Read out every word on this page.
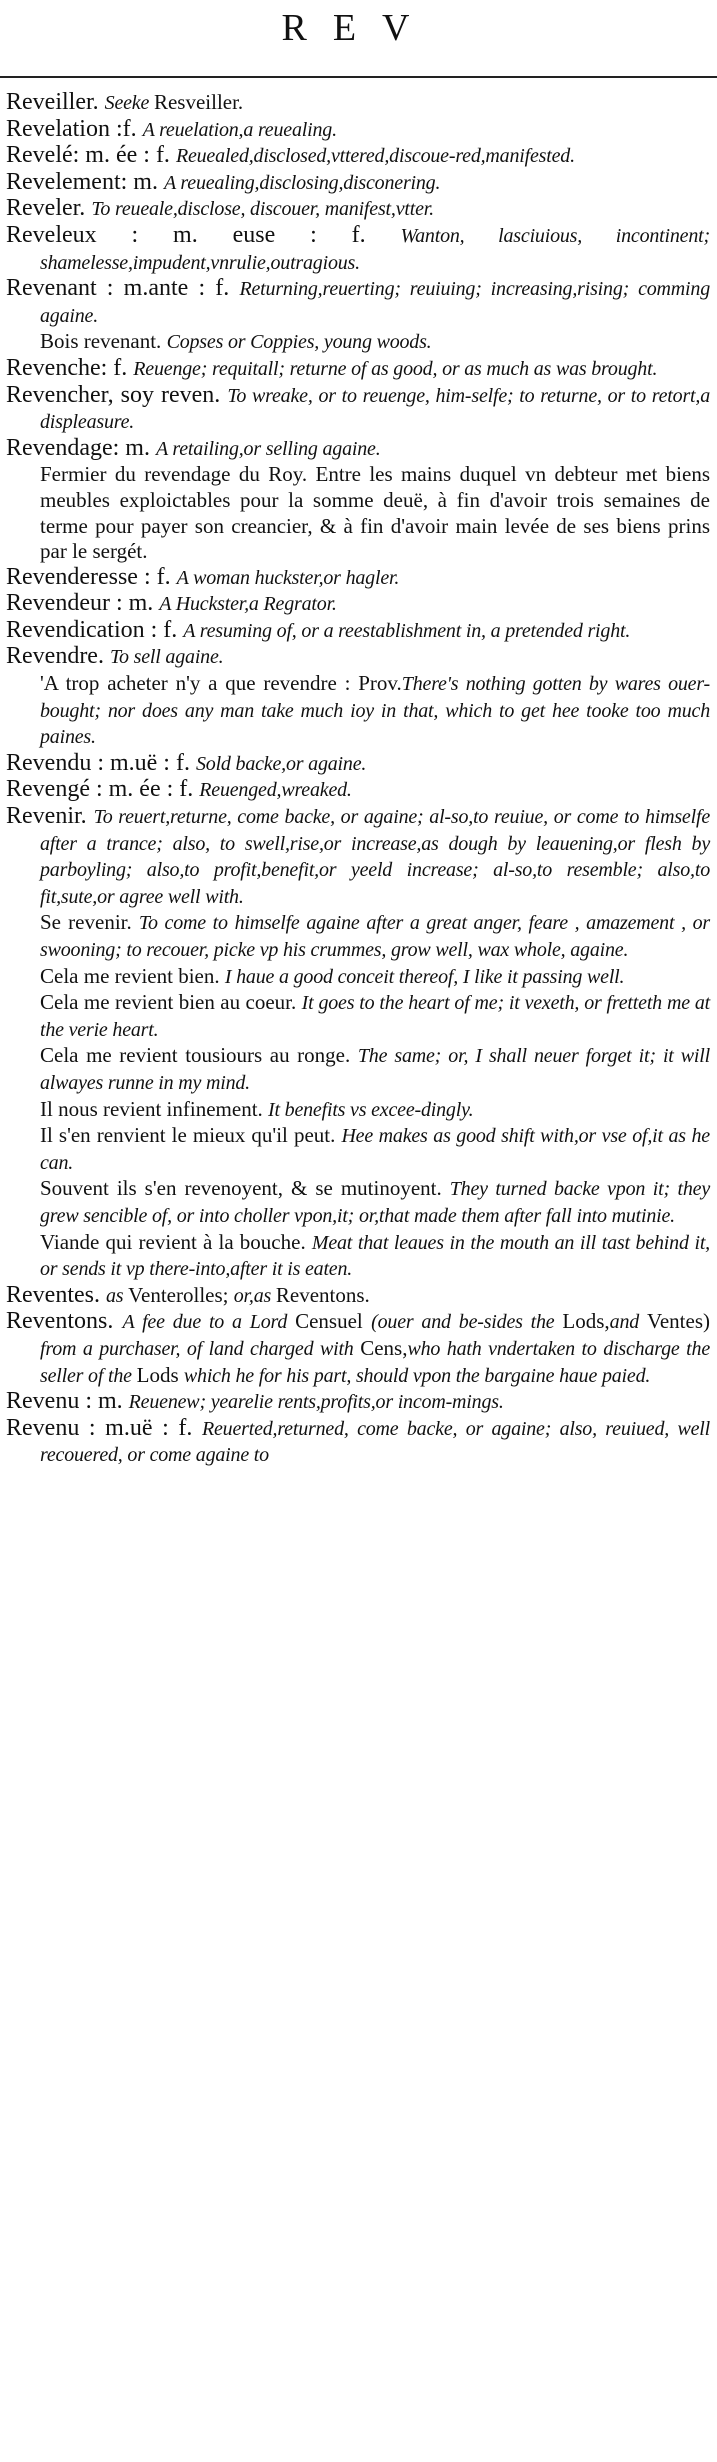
REV

Reveiller. Seeke Resveiller.

Revelation :f. A reuelation,a reuealing.

Revelé: m. ée : f. Reuealed,disclosed,vttered,discoue-red,manifested.

Revelement: m. A reuealing,disclosing,disconering.

Reveler. To reueale,disclose, discouer, manifest,vtter.

Reveleux : m. euse : f. Wanton, lasciuious, incontinent; shamelesse,impudent,vnrulie,outragious.

Revenant : m.ante : f. Returning,reuerting; reuiuing; increasing,rising; comming againe.

Bois revenant. Copses or Coppies, young woods.

Revenche: f. Reuenge; requitall; returne of as good, or as much as was brought.

Revencher, soy reven. To wreake, or to reuenge, him-selfe; to returne, or to retort,a displeasure.

Revendage: m. A retailing,or selling againe.

Fermier du revendage du Roy. Entre les mains duquel vn debteur met biens meubles exploictables pour la somme deuë, à fin d'avoir trois semaines de terme pour payer son creancier, & à fin d'avoir main levée de ses biens prins par le sergét.

Revenderesse : f. A woman huckster,or hagler.

Revendeur : m. A Huckster,a Regrator.

Revendication : f. A resuming of, or a reestablishment in, a pretended right.

Revendre. To sell againe.

'A trop acheter n'y a que revendre : Prov.There's nothing gotten by wares ouer-bought; nor does any man take much ioy in that, which to get hee tooke too much paines.

Revendu : m.uë : f. Sold backe,or againe.

Revengé : m. ée : f. Reuenged,wreaked.

Revenir. To reuert,returne, come backe, or againe; al-so,to reuiue, or come to himselfe after a trance; also, to swell,rise,or increase,as dough by leauening,or flesh by parboyling; also,to profit,benefit,or yeeld increase; al-so,to resemble; also,to fit,sute,or agree well with.

Se revenir. To come to himselfe againe after a great anger, feare , amazement , or swooning; to recouer, picke vp his crummes, grow well, wax whole, againe.

Cela me revient bien. I haue a good conceit thereof, I like it passing well.

Cela me revient bien au coeur. It goes to the heart of me; it vexeth, or fretteth me at the verie heart.

Cela me revient tousiours au ronge. The same; or, I shall neuer forget it; it will alwayes runne in my mind.

Il nous revient infinement. It benefits vs excee-dingly.

Il s'en renvient le mieux qu'il peut. Hee makes as good shift with,or vse of,it as he can.

Souvent ils s'en revenoyent, & se mutinoyent. They turned backe vpon it; they grew sencible of, or into choller vpon,it; or,that made them after fall into mutinie.

Viande qui revient à la bouche. Meat that leaues in the mouth an ill tast behind it, or sends it vp there-into,after it is eaten.

Reventes. as Venterolles; or,as Reventons.

Reventons. A fee due to a Lord Censuel (ouer and be-sides the Lods,and Ventes) from a purchaser, of land charged with Cens,who hath vndertaken to discharge the seller of the Lods which he for his part, should vpon the bargaine haue paied.

Revenu : m. Reuenew; yearelie rents,profits,or incom-mings.

Revenu : m.uë : f. Reuerted,returned, come backe, or againe; also, reuiued, well recouered, or come againe to
